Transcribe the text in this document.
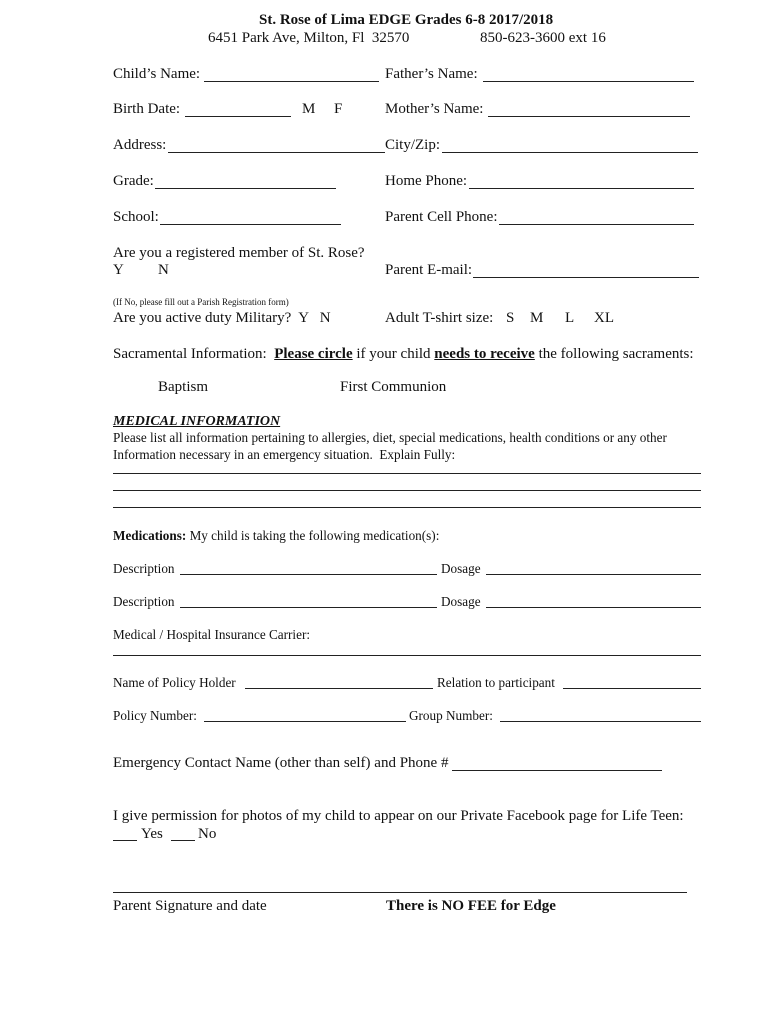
St. Rose of Lima EDGE Grades 6-8 2017/2018
6451 Park Ave, Milton, Fl  32570	850-623-3600 ext 16
Child’s Name:	Father’s Name:
Birth Date:	M F	Mother’s Name:
Address:	City/Zip:
Grade:	Home Phone:
School:	Parent Cell Phone:
Are you a registered member of St. Rose?
Y N	Parent E-mail:
(If No, please fill out a Parish Registration form)
Are you active duty Military?  Y   N	Adult T-shirt size: S M L XL
Sacramental Information:  Please circle if your child needs to receive the following sacraments:
Baptism	First Communion
MEDICAL INFORMATION
Please list all information pertaining to allergies, diet, special medications, health conditions or any other
Information necessary in an emergency situation.  Explain Fully:
Medications: My child is taking the following medication(s):
Description	Dosage
Description	Dosage
Medical / Hospital Insurance Carrier:
Name of Policy Holder	Relation to participant
Policy Number:	Group Number:
Emergency Contact Name (other than self) and Phone #
I give permission for photos of my child to appear on our Private Facebook page for Life Teen:
Yes No
Parent Signature and date	There is NO FEE for Edge
